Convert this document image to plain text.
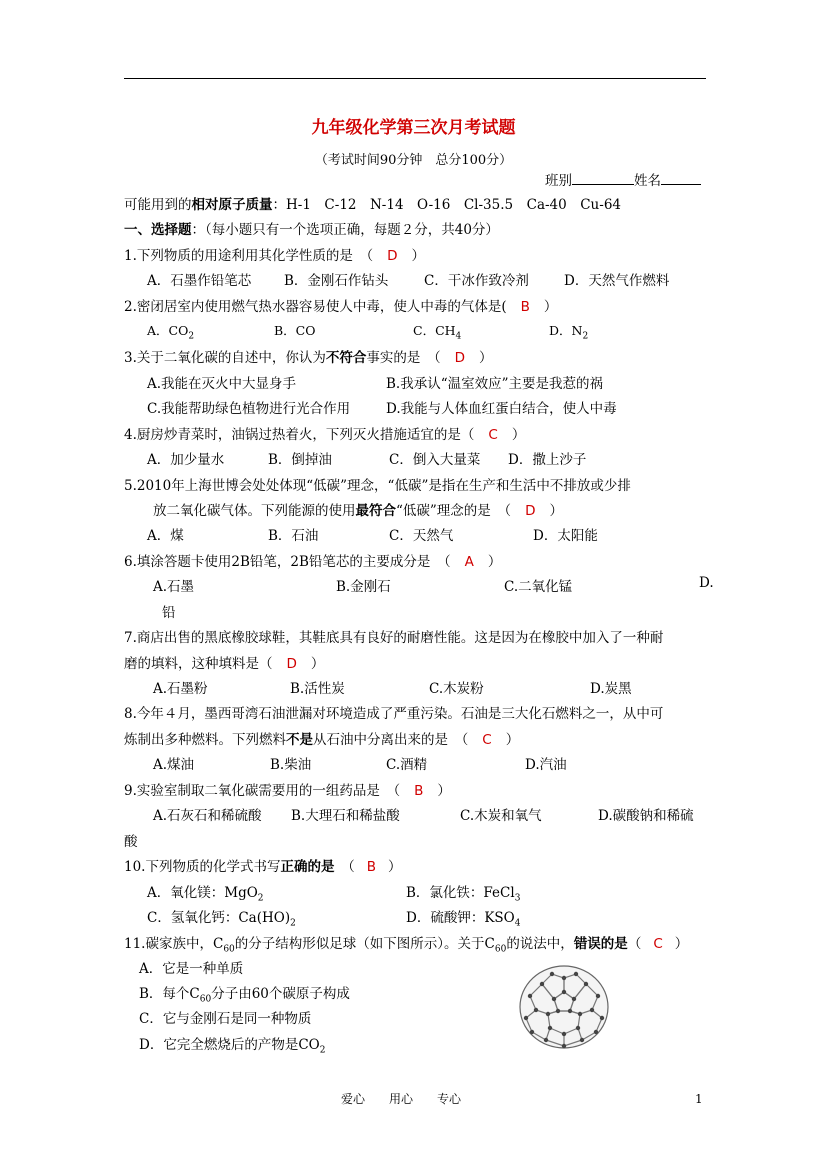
九年级化学第三次月考试题
（考试时间90分钟　总分100分）
班别	姓名
可能用到的相对原子质量：H-1　C-12　N-14　O-16　Cl-35.5　Ca-40　Cu-64
一、选择题：（每小题只有一个选项正确，每题２分，共40分）
1.下列物质的用途利用其化学性质的是　（ D ）
A．石墨作铅笔芯 B．金刚石作钻头	C．干冰作致冷剂	D．天然气作燃料
2.密闭居室内使用燃气热水器容易使人中毒，使人中毒的气体是( B ）
A．$CO_2$	B．CO	C．$CH_4$	D．$N_2$
3.关于二氧化碳的自述中，你认为不符合事实的是　（ D ）
A.我能在灭火中大显身手	B.我承认“温室效应”主要是我惹的祸
C.我能帮助绿色植物进行光合作用	D.我能与人体血红蛋白结合，使人中毒
4.厨房炒青菜时，油锅过热着火，下列灭火措施适宜的是（ C ）
A．加少量水	B．倒掉油	C．倒入大量菜 D．撒上沙子
5.2010年上海世博会处处体现“低碳”理念，“低碳”是指在生产和生活中不排放或少排
放二氧化碳气体。下列能源的使用最符合“低碳”理念的是　（ D ）
A．煤	B．石油	C．天然气	D．太阳能
6.填涂答题卡使用2B铅笔，2B铅笔芯的主要成分是　（ A ）
A.石墨	B.金刚石	C.二氧化锰	D.
铅
7.商店出售的黑底橡胶球鞋，其鞋底具有良好的耐磨性能。这是因为在橡胶中加入了一种耐
磨的填料，这种填料是（ D ）
A.石墨粉	B.活性炭	C.木炭粉	D.炭黑
8.今年４月，墨西哥湾石油泄漏对环境造成了严重污染。石油是三大化石燃料之一，从中可
炼制出多种燃料。下列燃料不是从石油中分离出来的是　（ C ）
A.煤油	B.柴油	C.酒精	D.汽油
9.实验室制取二氧化碳需要用的一组药品是　（ B ）
A.石灰石和稀硫酸 B.大理石和稀盐酸	C.木炭和氧气	D.碳酸钠和稀硫
酸
10.下列物质的化学式书写正确的是　（ B ）
A．氧化镁：MgO$_2$	B．氯化铁：FeCl$_3$
C．氢氧化钙：$Ca(HO)_2$	D．硫酸钾：$KSO_4$
11.碳家族中，$C_{60}$的分子结构形似足球（如下图所示）。关于$C_{60}$的说法中，错误的是（ C ）
A．它是一种单质
B．每个$C_{60}$分子由60个碳原子构成
C．它与金刚石是同一种物质
D．它完全燃烧后的产物是$CO_2$
爱心　　用心　　专心	1
